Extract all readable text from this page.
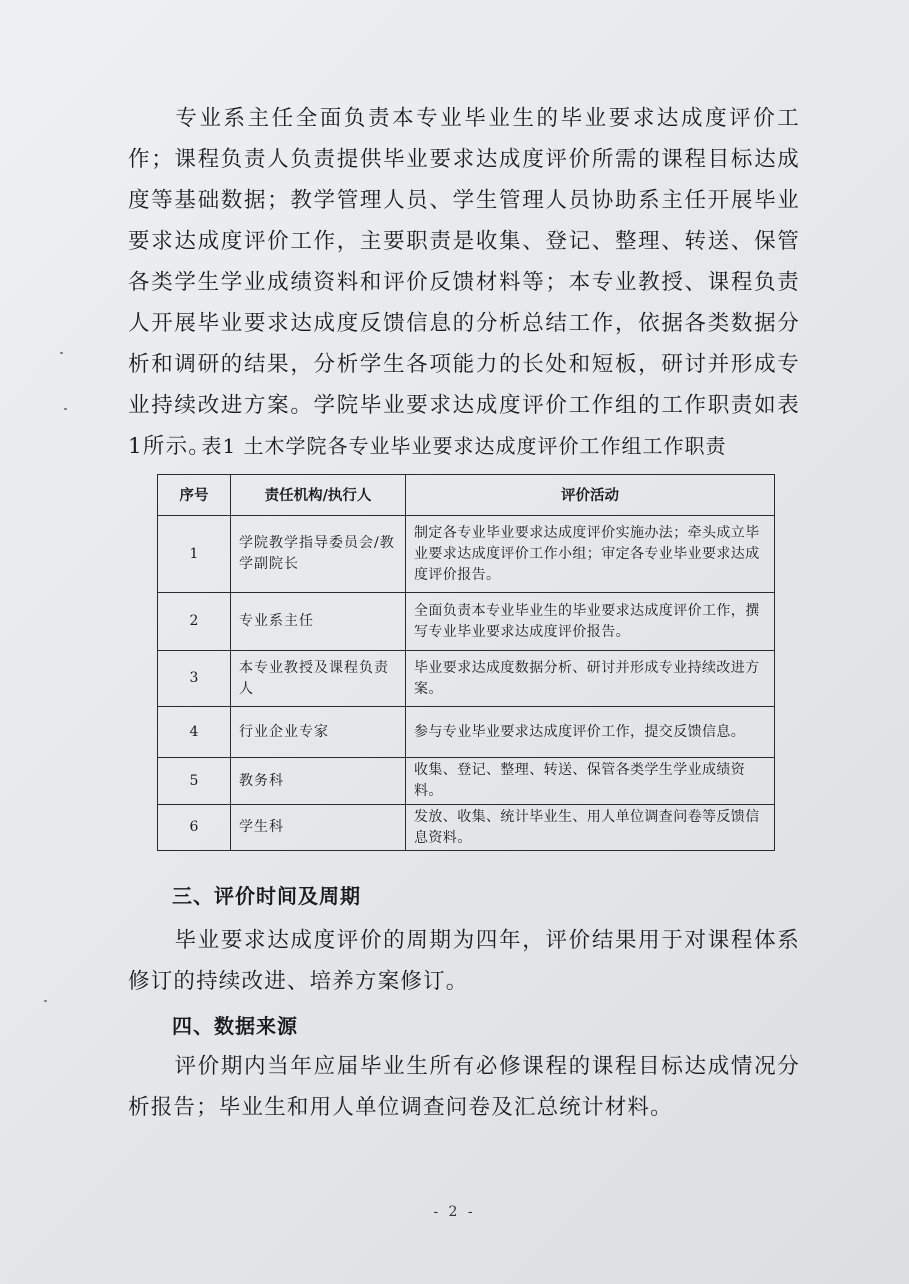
专业系主任全面负责本专业毕业生的毕业要求达成度评价工作；课程负责人负责提供毕业要求达成度评价所需的课程目标达成度等基础数据；教学管理人员、学生管理人员协助系主任开展毕业要求达成度评价工作，主要职责是收集、登记、整理、转送、保管各类学生学业成绩资料和评价反馈材料等；本专业教授、课程负责人开展毕业要求达成度反馈信息的分析总结工作，依据各类数据分析和调研的结果，分析学生各项能力的长处和短板，研讨并形成专业持续改进方案。学院毕业要求达成度评价工作组的工作职责如表1所示。

表1 土木学院各专业毕业要求达成度评价工作组工作职责

序号	责任机构/执行人	评价活动
1	学院教学指导委员会/教学副院长	制定各专业毕业要求达成度评价实施办法；牵头成立毕业要求达成度评价工作小组；审定各专业毕业要求达成度评价报告。
2	专业系主任	全面负责本专业毕业生的毕业要求达成度评价工作，撰写专业毕业要求达成度评价报告。
3	本专业教授及课程负责人	毕业要求达成度数据分析、研讨并形成专业持续改进方案。
4	行业企业专家	参与专业毕业要求达成度评价工作，提交反馈信息。
5	教务科	收集、登记、整理、转送、保管各类学生学业成绩资料。
6	学生科	发放、收集、统计毕业生、用人单位调查问卷等反馈信息资料。

三、评价时间及周期

毕业要求达成度评价的周期为四年，评价结果用于对课程体系修订的持续改进、培养方案修订。

四、数据来源

评价期内当年应届毕业生所有必修课程的课程目标达成情况分析报告；毕业生和用人单位调查问卷及汇总统计材料。

- 2 -
